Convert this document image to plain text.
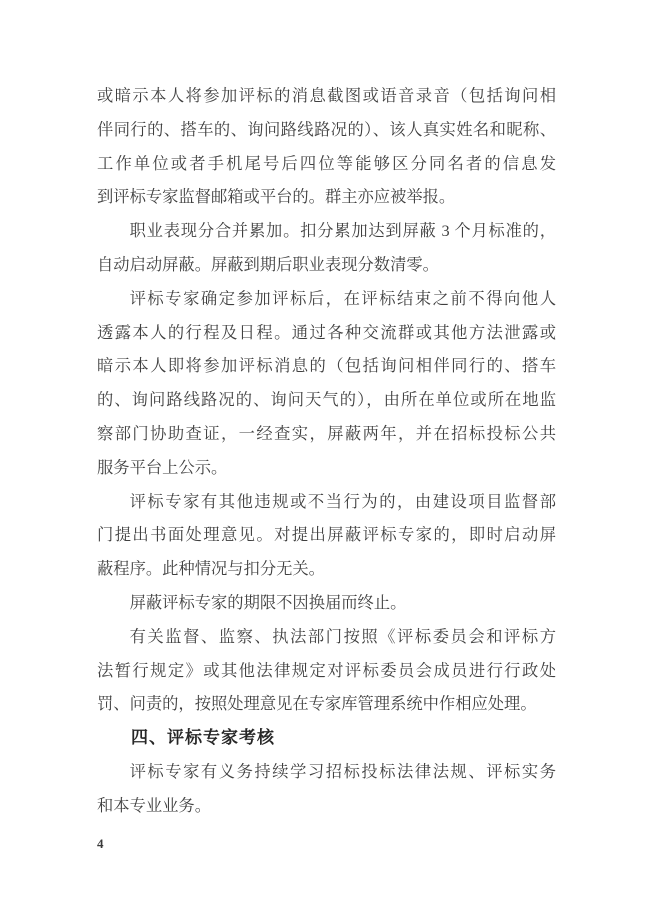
或暗示本人将参加评标的消息截图或语音录音（包括询问相
伴同行的、搭车的、询问路线路况的）、该人真实姓名和昵称、
工作单位或者手机尾号后四位等能够区分同名者的信息发
到评标专家监督邮箱或平台的。群主亦应被举报。
职业表现分合并累加。扣分累加达到屏蔽 3 个月标准的，
自动启动屏蔽。屏蔽到期后职业表现分数清零。
评标专家确定参加评标后，在评标结束之前不得向他人
透露本人的行程及日程。通过各种交流群或其他方法泄露或
暗示本人即将参加评标消息的（包括询问相伴同行的、搭车
的、询问路线路况的、询问天气的），由所在单位或所在地监
察部门协助查证，一经查实，屏蔽两年，并在招标投标公共
服务平台上公示。
评标专家有其他违规或不当行为的，由建设项目监督部
门提出书面处理意见。对提出屏蔽评标专家的，即时启动屏
蔽程序。此种情况与扣分无关。
屏蔽评标专家的期限不因换届而终止。
有关监督、监察、执法部门按照《评标委员会和评标方
法暂行规定》或其他法律规定对评标委员会成员进行行政处
罚、问责的，按照处理意见在专家库管理系统中作相应处理。
四、评标专家考核
评标专家有义务持续学习招标投标法律法规、评标实务
和本专业业务。
4
